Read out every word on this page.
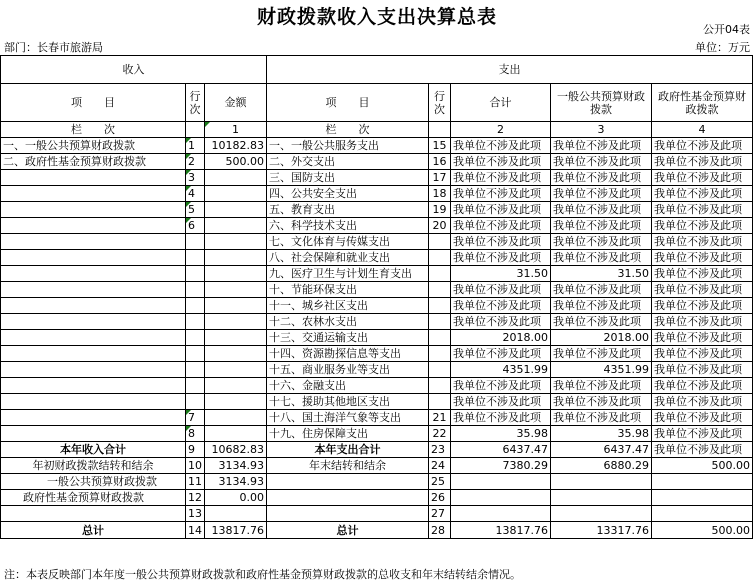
财政拨款收入支出决算总表
公开04表
部门：长春市旅游局	单位：万元
收入			支出				
项　　目	行次	金额	项　　目	行次	合计	一般公共预算财政拨款	政府性基金预算财政拨款
栏　　次		1	栏　　次		2	3	4
一、一般公共预算财政拨款	1	10182.83	一、一般公共服务支出	15	我单位不涉及此项	我单位不涉及此项	我单位不涉及此项
二、政府性基金预算财政拨款	2	500.00	二、外交支出	16	我单位不涉及此项	我单位不涉及此项	我单位不涉及此项
	3		三、国防支出	17	我单位不涉及此项	我单位不涉及此项	我单位不涉及此项
	4		四、公共安全支出	18	我单位不涉及此项	我单位不涉及此项	我单位不涉及此项
	5		五、教育支出	19	我单位不涉及此项	我单位不涉及此项	我单位不涉及此项
	6		六、科学技术支出	20	我单位不涉及此项	我单位不涉及此项	我单位不涉及此项
			七、文化体育与传媒支出		我单位不涉及此项	我单位不涉及此项	我单位不涉及此项
			八、社会保障和就业支出		我单位不涉及此项	我单位不涉及此项	我单位不涉及此项
			九、医疗卫生与计划生育支出		31.50	31.50	我单位不涉及此项
			十、节能环保支出		我单位不涉及此项	我单位不涉及此项	我单位不涉及此项
			十一、城乡社区支出		我单位不涉及此项	我单位不涉及此项	我单位不涉及此项
			十二、农林水支出		我单位不涉及此项	我单位不涉及此项	我单位不涉及此项
			十三、交通运输支出		2018.00	2018.00	我单位不涉及此项
			十四、资源勘探信息等支出		我单位不涉及此项	我单位不涉及此项	我单位不涉及此项
			十五、商业服务业等支出		4351.99	4351.99	我单位不涉及此项
			十六、金融支出		我单位不涉及此项	我单位不涉及此项	我单位不涉及此项
			十七、援助其他地区支出		我单位不涉及此项	我单位不涉及此项	我单位不涉及此项
	7		十八、国土海洋气象等支出	21	我单位不涉及此项	我单位不涉及此项	我单位不涉及此项
	8		十九、住房保障支出	22	35.98	35.98	我单位不涉及此项
本年收入合计	9	10682.83	本年支出合计	23	6437.47	6437.47	我单位不涉及此项
年初财政拨款结转和结余	10	3134.93	年末结转和结余	24	7380.29	6880.29	500.00
一般公共预算财政拨款	11	3134.93		25			
政府性基金预算财政拨款	12	0.00		26			
	13			27			
总计	14	13817.76	总计	28	13817.76	13317.76	500.00
注：本表反映部门本年度一般公共预算财政拨款和政府性基金预算财政拨款的总收支和年末结转结余情况。
